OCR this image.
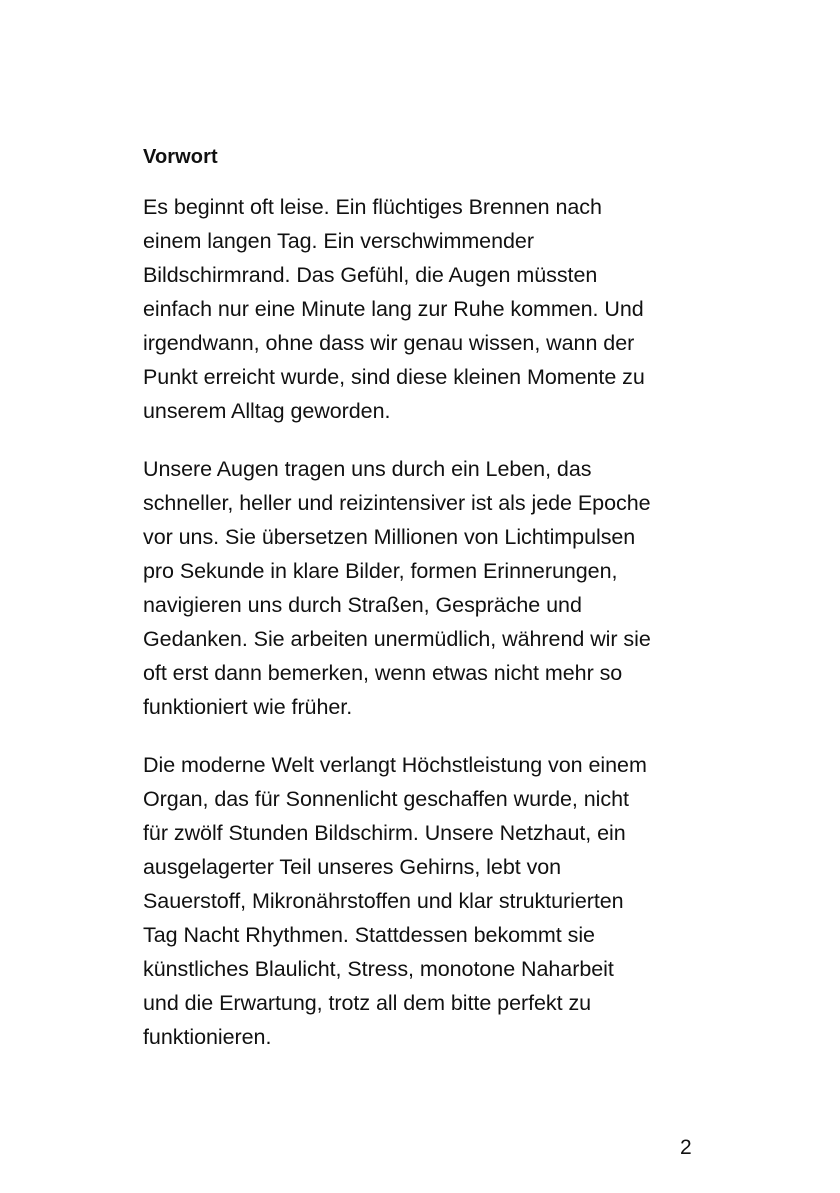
Vorwort

Es beginnt oft leise. Ein flüchtiges Brennen nach
einem langen Tag. Ein verschwimmender
Bildschirmrand. Das Gefühl, die Augen müssten
einfach nur eine Minute lang zur Ruhe kommen. Und
irgendwann, ohne dass wir genau wissen, wann der
Punkt erreicht wurde, sind diese kleinen Momente zu
unserem Alltag geworden.

Unsere Augen tragen uns durch ein Leben, das
schneller, heller und reizintensiver ist als jede Epoche
vor uns. Sie übersetzen Millionen von Lichtimpulsen
pro Sekunde in klare Bilder, formen Erinnerungen,
navigieren uns durch Straßen, Gespräche und
Gedanken. Sie arbeiten unermüdlich, während wir sie
oft erst dann bemerken, wenn etwas nicht mehr so
funktioniert wie früher.

Die moderne Welt verlangt Höchstleistung von einem
Organ, das für Sonnenlicht geschaffen wurde, nicht
für zwölf Stunden Bildschirm. Unsere Netzhaut, ein
ausgelagerter Teil unseres Gehirns, lebt von
Sauerstoff, Mikronährstoffen und klar strukturierten
Tag Nacht Rhythmen. Stattdessen bekommt sie
künstliches Blaulicht, Stress, monotone Naharbeit
und die Erwartung, trotz all dem bitte perfekt zu
funktionieren.

2
